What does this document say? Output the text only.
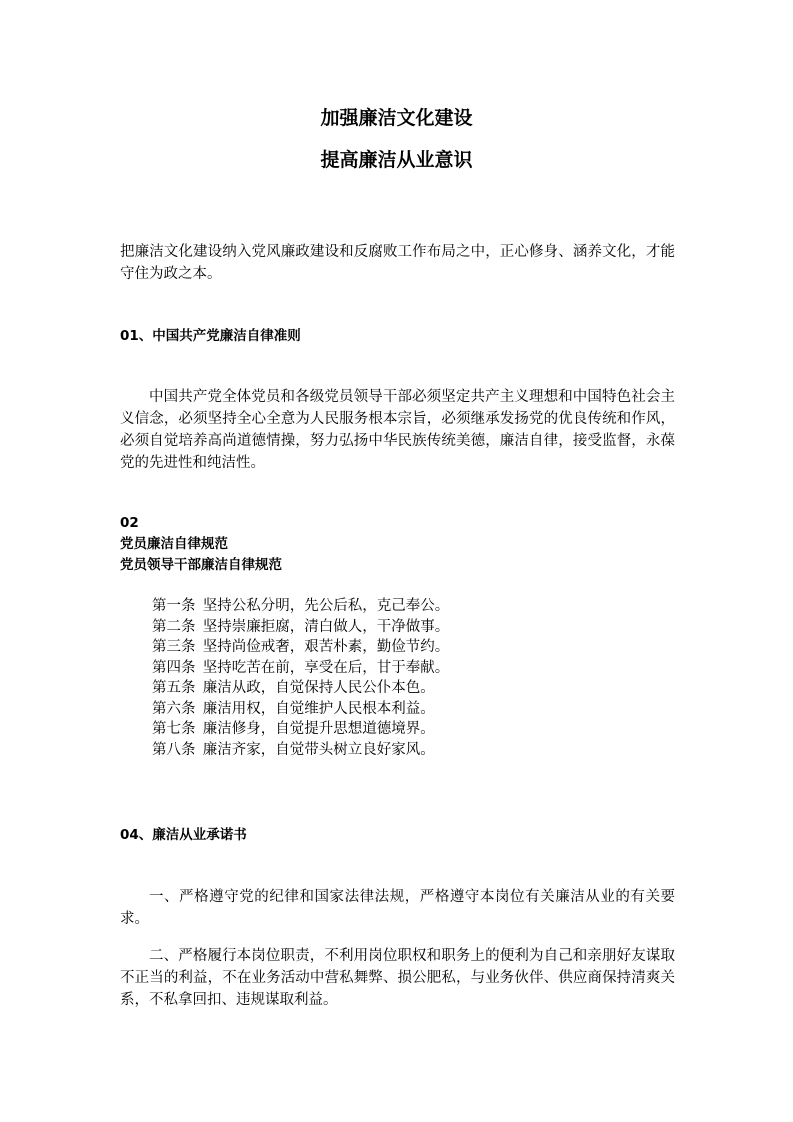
加强廉洁文化建设
提高廉洁从业意识
把廉洁文化建设纳入党风廉政建设和反腐败工作布局之中，正心修身、涵养文化，才能守住为政之本。
01、中国共产党廉洁自律准则
中国共产党全体党员和各级党员领导干部必须坚定共产主义理想和中国特色社会主义信念，必须坚持全心全意为人民服务根本宗旨，必须继承发扬党的优良传统和作风，必须自觉培养高尚道德情操，努力弘扬中华民族传统美德，廉洁自律，接受监督，永葆党的先进性和纯洁性。
02
党员廉洁自律规范
党员领导干部廉洁自律规范
第一条 坚持公私分明，先公后私，克己奉公。
第二条 坚持崇廉拒腐，清白做人，干净做事。
第三条 坚持尚俭戒奢，艰苦朴素，勤俭节约。
第四条 坚持吃苦在前，享受在后，甘于奉献。
第五条 廉洁从政，自觉保持人民公仆本色。
第六条 廉洁用权，自觉维护人民根本利益。
第七条 廉洁修身，自觉提升思想道德境界。
第八条 廉洁齐家，自觉带头树立良好家风。
04、廉洁从业承诺书
一、严格遵守党的纪律和国家法律法规，严格遵守本岗位有关廉洁从业的有关要求。
二、严格履行本岗位职责，不利用岗位职权和职务上的便利为自己和亲朋好友谋取不正当的利益，不在业务活动中营私舞弊、损公肥私，与业务伙伴、供应商保持清爽关系，不私拿回扣、违规谋取利益。
